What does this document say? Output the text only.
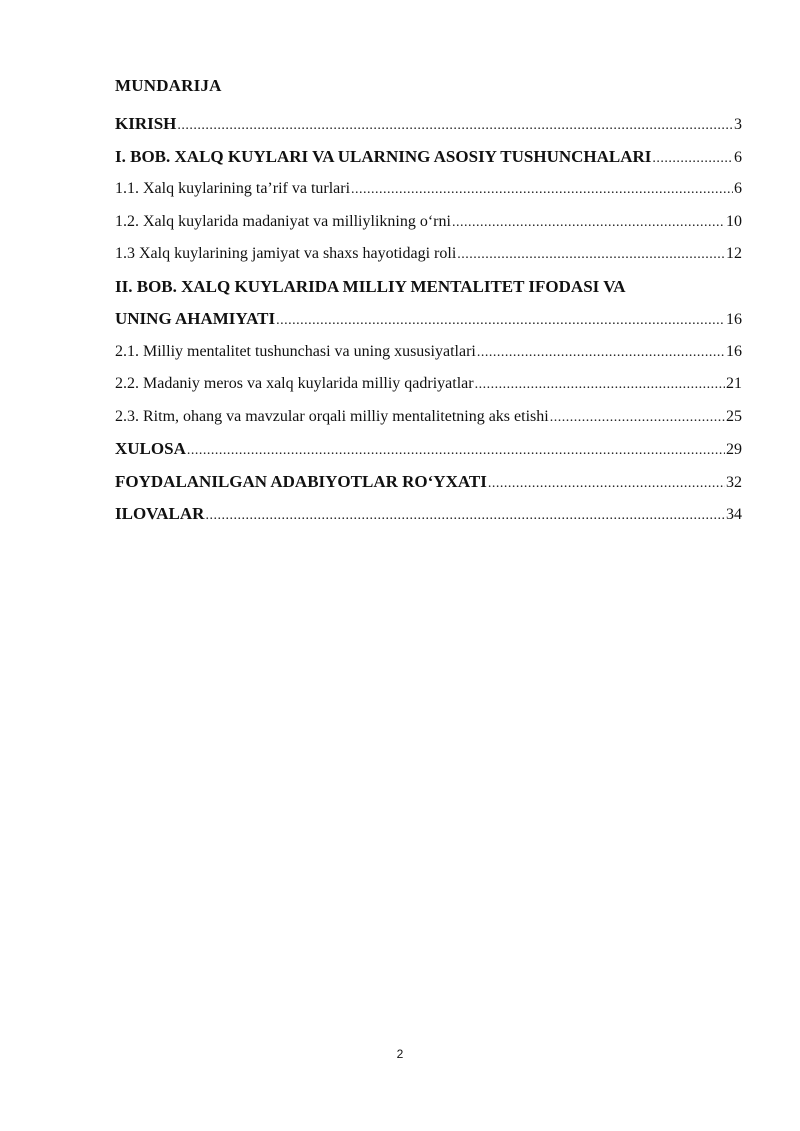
MUNDARIJA
KIRISH .....	3
I. BOB. XALQ KUYLARI VA ULARNING ASOSIY TUSHUNCHALARI .....	6
1.1. Xalq kuylarining ta’rif va turlari .....	6
1.2. Xalq kuylarida madaniyat va milliylikning o‘rni .....	10
1.3 Xalq kuylarining jamiyat va shaxs hayotidagi roli .....	12
II. BOB. XALQ KUYLARIDA MILLIY MENTALITET IFODASI VA
UNING AHAMIYATI .....	16
2.1. Milliy mentalitet tushunchasi va uning xususiyatlari .....	16
2.2. Madaniy meros va xalq kuylarida milliy qadriyatlar .....	21
2.3. Ritm, ohang va mavzular orqali milliy mentalitetning aks etishi .....	25
XULOSA .....	29
FOYDALANILGAN ADABIYOTLAR RO‘YXATI .....	32
ILOVALAR .....	34
2
